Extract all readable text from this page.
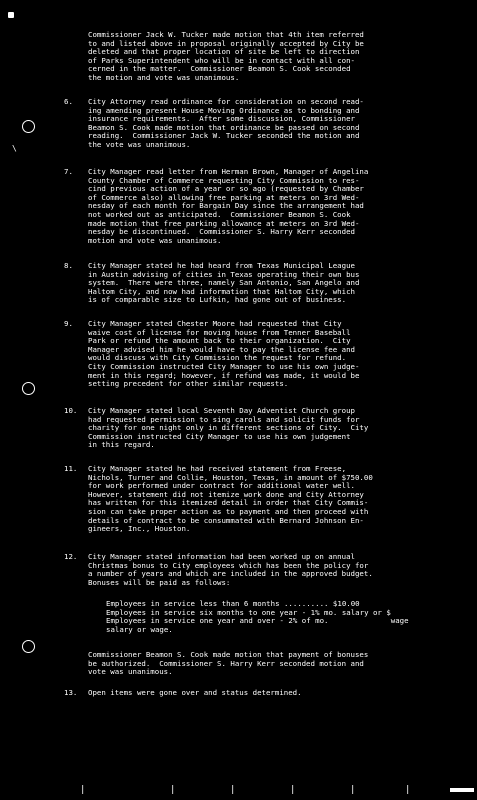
\
Commissioner Jack W. Tucker made motion that 4th item referred
to and listed above in proposal originally accepted by City be
deleted and that proper location of site be left to direction
of Parks Superintendent who will be in contact with all con-
cerned in the matter.  Commissioner Beamon S. Cook seconded
the motion and vote was unanimous.
6.	City Attorney read ordinance for consideration on second read-
ing amending present House Moving Ordinance as to bonding and
insurance requirements.  After some discussion, Commissioner
Beamon S. Cook made motion that ordinance be passed on second
reading.  Commissioner Jack W. Tucker seconded the motion and
the vote was unanimous.
7.	City Manager read letter from Herman Brown, Manager of Angelina
County Chamber of Commerce requesting City Commission to res-
cind previous action of a year or so ago (requested by Chamber
of Commerce also) allowing free parking at meters on 3rd Wed-
nesday of each month for Bargain Day since the arrangement had
not worked out as anticipated.  Commissioner Beamon S. Cook
made motion that free parking allowance at meters on 3rd Wed-
nesday be discontinued.  Commissioner S. Harry Kerr seconded
motion and vote was unanimous.
8.	City Manager stated he had heard from Texas Municipal League
in Austin advising of cities in Texas operating their own bus
system.  There were three, namely San Antonio, San Angelo and
Haltom City, and now had information that Haltom City, which
is of comparable size to Lufkin, had gone out of business.
9.	City Manager stated Chester Moore had requested that City
waive cost of license for moving house from Tenner Baseball
Park or refund the amount back to their organization.  City
Manager advised him he would have to pay the license fee and
would discuss with City Commission the request for refund.
City Commission instructed City Manager to use his own judge-
ment in this regard; however, if refund was made, it would be
setting precedent for other similar requests.
10.	City Manager stated local Seventh Day Adventist Church group
had requested permission to sing carols and solicit funds for
charity for one night only in different sections of City.  City
Commission instructed City Manager to use his own judgement
in this regard.
11.	City Manager stated he had received statement from Freese,
Nichols, Turner and Collie, Houston, Texas, in amount of $750.00
for work performed under contract for additional water well.
However, statement did not itemize work done and City Attorney
has written for this itemized detail in order that City Commis-
sion can take proper action as to payment and then proceed with
details of contract to be consummated with Bernard Johnson En-
gineers, Inc., Houston.
12.	City Manager stated information had been worked up on annual
Christmas bonus to City employees which has been the policy for
a number of years and which are included in the approved budget.
Bonuses will be paid as follows:
Employees in service less than 6 months .......... $10.00
Employees in service six months to one year - 1% mo. salary or $
Employees in service one year and over - 2% of mo.              wage
salary or wage.
Commissioner Beamon S. Cook made motion that payment of bonuses
be authorized.  Commissioner S. Harry Kerr seconded motion and
vote was unanimous.
13.	Open items were gone over and status determined.
|	|	|	|	|	|
